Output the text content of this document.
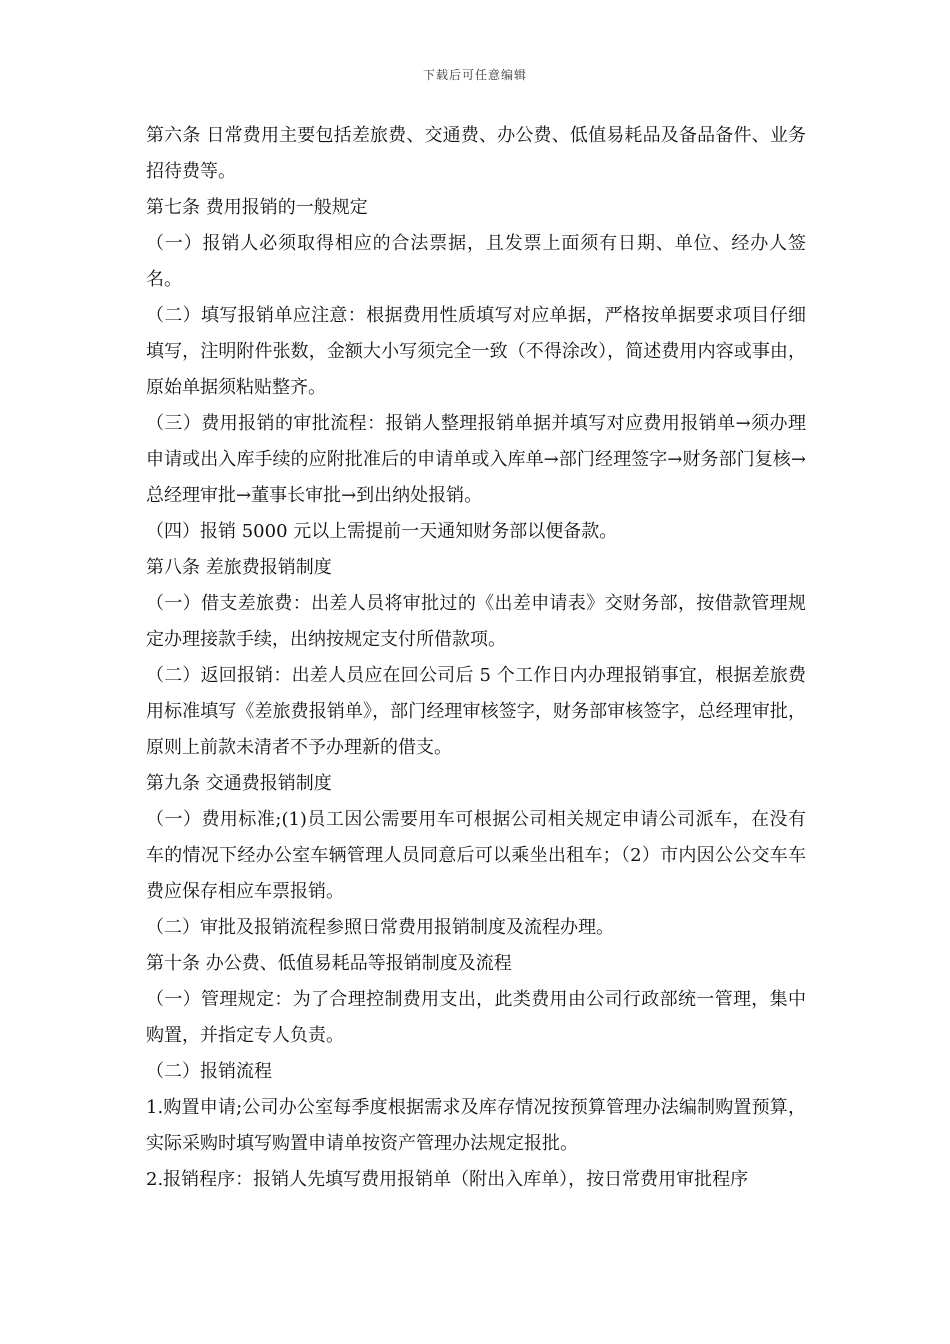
下载后可任意编辑

第六条 日常费用主要包括差旅费、交通费、办公费、低值易耗品及备品备件、业务招待费等。

第七条 费用报销的一般规定

（一）报销人必须取得相应的合法票据，且发票上面须有日期、单位、经办人签名。

（二）填写报销单应注意：根据费用性质填写对应单据，严格按单据要求项目仔细填写，注明附件张数，金额大小写须完全一致（不得涂改），简述费用内容或事由，原始单据须粘贴整齐。

（三）费用报销的审批流程：报销人整理报销单据并填写对应费用报销单→须办理申请或出入库手续的应附批准后的申请单或入库单→部门经理签字→财务部门复核→总经理审批→董事长审批→到出纳处报销。

（四）报销 5000 元以上需提前一天通知财务部以便备款。

第八条 差旅费报销制度

（一）借支差旅费：出差人员将审批过的《出差申请表》交财务部，按借款管理规定办理接款手续，出纳按规定支付所借款项。

（二）返回报销：出差人员应在回公司后 5 个工作日内办理报销事宜，根据差旅费用标准填写《差旅费报销单》，部门经理审核签字，财务部审核签字，总经理审批，原则上前款未清者不予办理新的借支。

第九条 交通费报销制度

（一）费用标准;(1)员工因公需要用车可根据公司相关规定申请公司派车，在没有车的情况下经办公室车辆管理人员同意后可以乘坐出租车；（2）市内因公公交车车费应保存相应车票报销。

（二）审批及报销流程参照日常费用报销制度及流程办理。

第十条 办公费、低值易耗品等报销制度及流程

（一）管理规定：为了合理控制费用支出，此类费用由公司行政部统一管理，集中购置，并指定专人负责。

（二）报销流程

1.购置申请;公司办公室每季度根据需求及库存情况按预算管理办法编制购置预算，实际采购时填写购置申请单按资产管理办法规定报批。

2.报销程序：报销人先填写费用报销单（附出入库单），按日常费用审批程序
